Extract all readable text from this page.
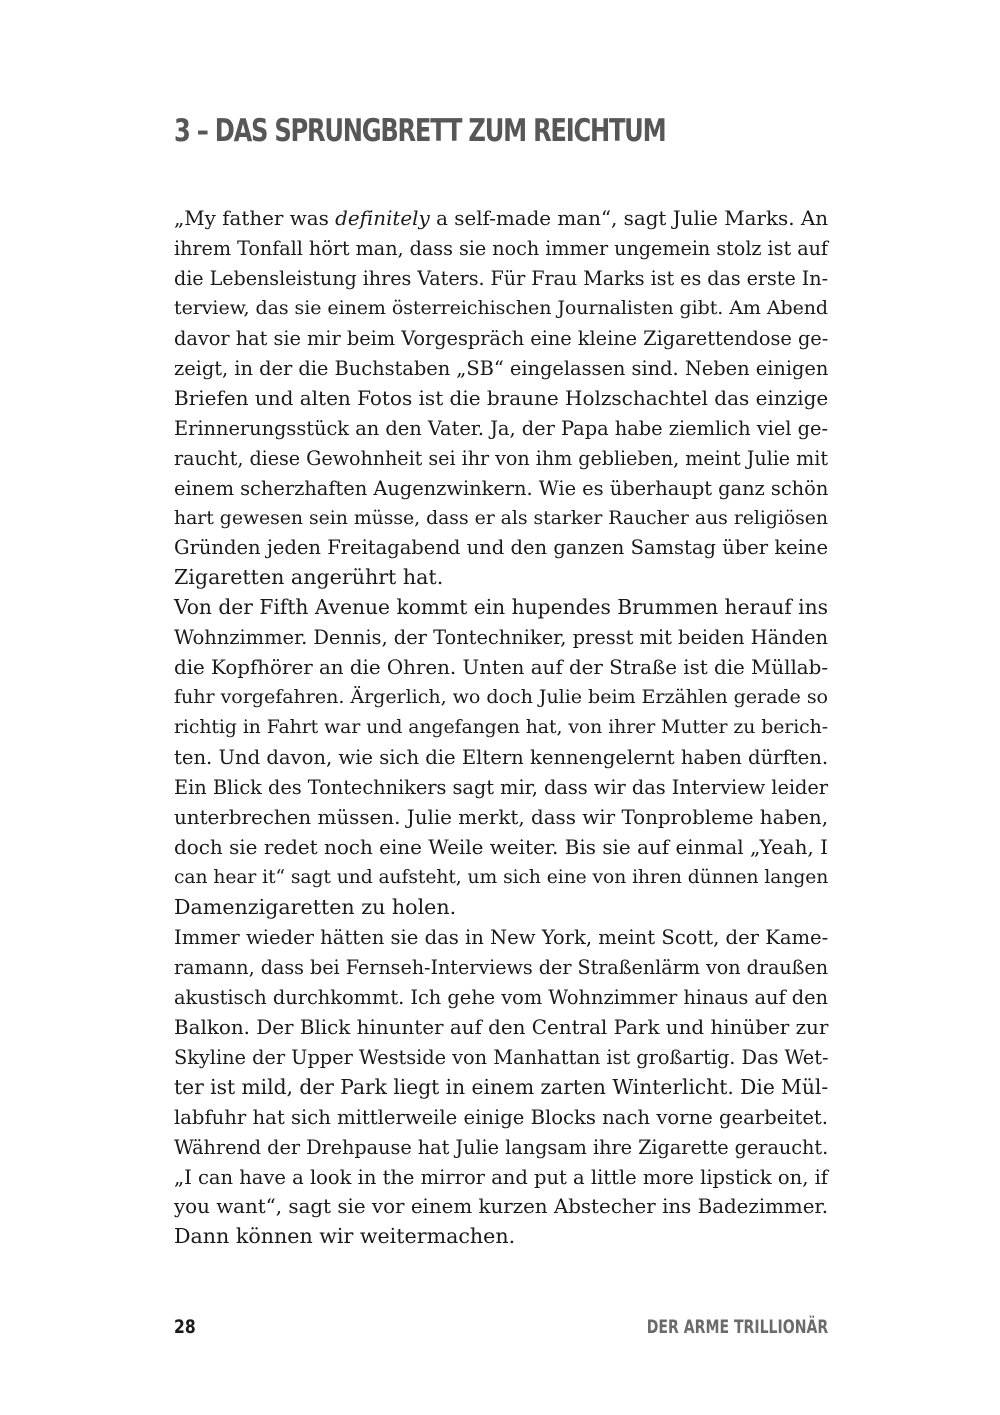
3 – DAS SPRUNGBRETT ZUM REICHTUM
„My father was definitely a self-made man“, sagt Julie Marks. An
ihrem Tonfall hört man, dass sie noch immer ungemein stolz ist auf
die Lebensleistung ihres Vaters. Für Frau Marks ist es das erste In-
terview, das sie einem österreichischen Journalisten gibt. Am Abend
davor hat sie mir beim Vorgespräch eine kleine Zigarettendose ge-
zeigt, in der die Buchstaben „SB“ eingelassen sind. Neben einigen
Briefen und alten Fotos ist die braune Holzschachtel das einzige
Erinnerungsstück an den Vater. Ja, der Papa habe ziemlich viel ge-
raucht, diese Gewohnheit sei ihr von ihm geblieben, meint Julie mit
einem scherzhaften Augenzwinkern. Wie es überhaupt ganz schön
hart gewesen sein müsse, dass er als starker Raucher aus religiösen
Gründen jeden Freitagabend und den ganzen Samstag über keine
Zigaretten angerührt hat.
Von der Fifth Avenue kommt ein hupendes Brummen herauf ins
Wohnzimmer. Dennis, der Tontechniker, presst mit beiden Händen
die Kopfhörer an die Ohren. Unten auf der Straße ist die Müllab-
fuhr vorgefahren. Ärgerlich, wo doch Julie beim Erzählen gerade so
richtig in Fahrt war und angefangen hat, von ihrer Mutter zu berich-
ten. Und davon, wie sich die Eltern kennengelernt haben dürften.
Ein Blick des Tontechnikers sagt mir, dass wir das Interview leider
unterbrechen müssen. Julie merkt, dass wir Tonprobleme haben,
doch sie redet noch eine Weile weiter. Bis sie auf einmal „Yeah, I
can hear it“ sagt und aufsteht, um sich eine von ihren dünnen langen
Damenzigaretten zu holen.
Immer wieder hätten sie das in New York, meint Scott, der Kame-
ramann, dass bei Fernseh-Interviews der Straßenlärm von draußen
akustisch durchkommt. Ich gehe vom Wohnzimmer hinaus auf den
Balkon. Der Blick hinunter auf den Central Park und hinüber zur
Skyline der Upper Westside von Manhattan ist großartig. Das Wet-
ter ist mild, der Park liegt in einem zarten Winterlicht. Die Mül-
labfuhr hat sich mittlerweile einige Blocks nach vorne gearbeitet.
Während der Drehpause hat Julie langsam ihre Zigarette geraucht.
„I can have a look in the mirror and put a little more lipstick on, if
you want“, sagt sie vor einem kurzen Abstecher ins Badezimmer.
Dann können wir weitermachen.
28	DER ARME TRILLIONÄR
